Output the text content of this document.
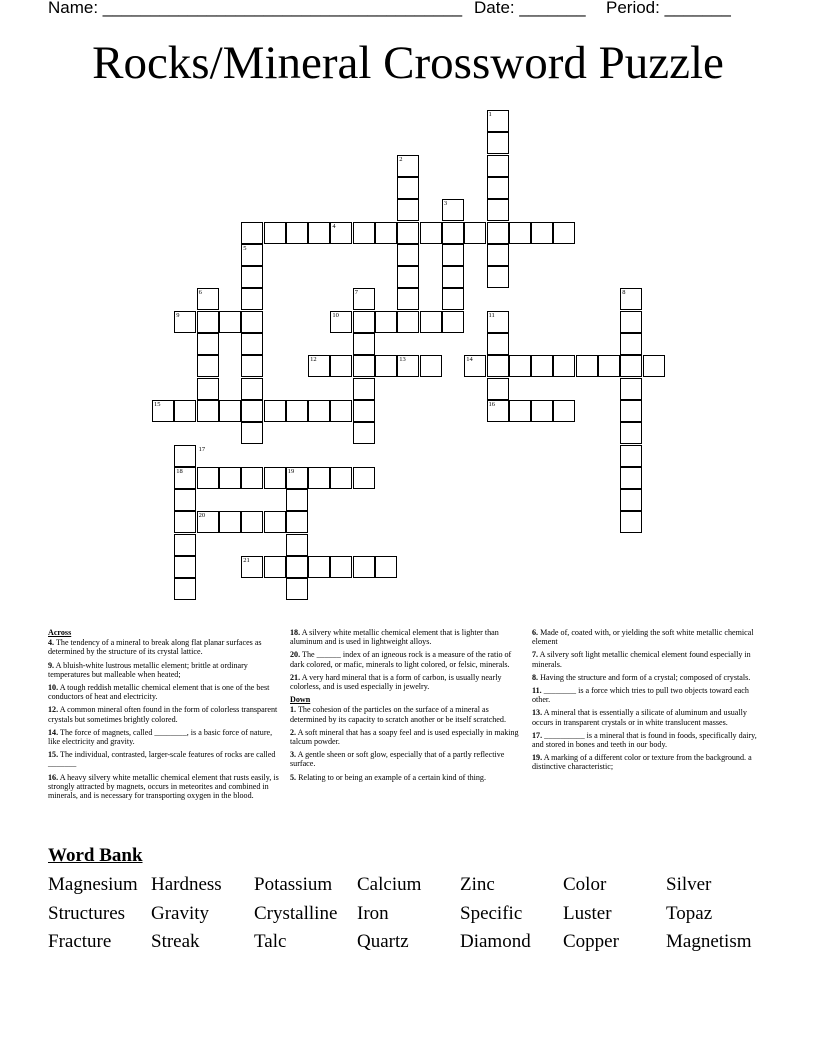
Name: ______________________________________ Date: _______ Period: _______
Rocks/Mineral Crossword Puzzle
1
2
3
4
5
6	7	8
9	10	11
12	13	14
15	16
17
18	19
20
21
Across
4. The tendency of a mineral to break along flat planar surfaces as determined by the structure of its crystal lattice.
9. A bluish-white lustrous metallic element; brittle at ordinary temperatures but malleable when heated;
10. A tough reddish metallic chemical element that is one of the best conductors of heat and electricity.
12. A common mineral often found in the form of colorless transparent crystals but sometimes brightly colored.
14. The force of magnets, called ________, is a basic force of nature, like electricity and gravity.
15. The individual, contrasted, larger-scale features of rocks are called _______
16. A heavy silvery white metallic chemical element that rusts easily, is strongly attracted by magnets, occurs in meteorites and combined in minerals, and is necessary for transporting oxygen in the blood.
18. A silvery white metallic chemical element that is lighter than aluminum and is used in lightweight alloys.
20. The ______ index of an igneous rock is a measure of the ratio of dark colored, or mafic, minerals to light colored, or felsic, minerals.
21. A very hard mineral that is a form of carbon, is usually nearly colorless, and is used especially in jewelry.
Down
1. The cohesion of the particles on the surface of a mineral as determined by its capacity to scratch another or be itself scratched.
2. A soft mineral that has a soapy feel and is used especially in making talcum powder.
3. A gentle sheen or soft glow, especially that of a partly reflective surface.
5. Relating to or being an example of a certain kind of thing.
6. Made of, coated with, or yielding the soft white metallic chemical element
7. A silvery soft light metallic chemical element found especially in minerals.
8. Having the structure and form of a crystal; composed of crystals.
11. ________ is a force which tries to pull two objects toward each other.
13. A mineral that is essentially a silicate of aluminum and usually occurs in transparent crystals or in white translucent masses.
17. __________ is a mineral that is found in foods, specifically dairy, and stored in bones and teeth in our body.
19. A marking of a different color or texture from the background. a distinctive characteristic;
Word Bank
Magnesium Hardness Potassium Calcium Zinc	Color	Silver
Structures Gravity Crystalline Iron	Specific Luster	Topaz
Fracture Streak	Talc	Quartz	Diamond Copper Magnetism
